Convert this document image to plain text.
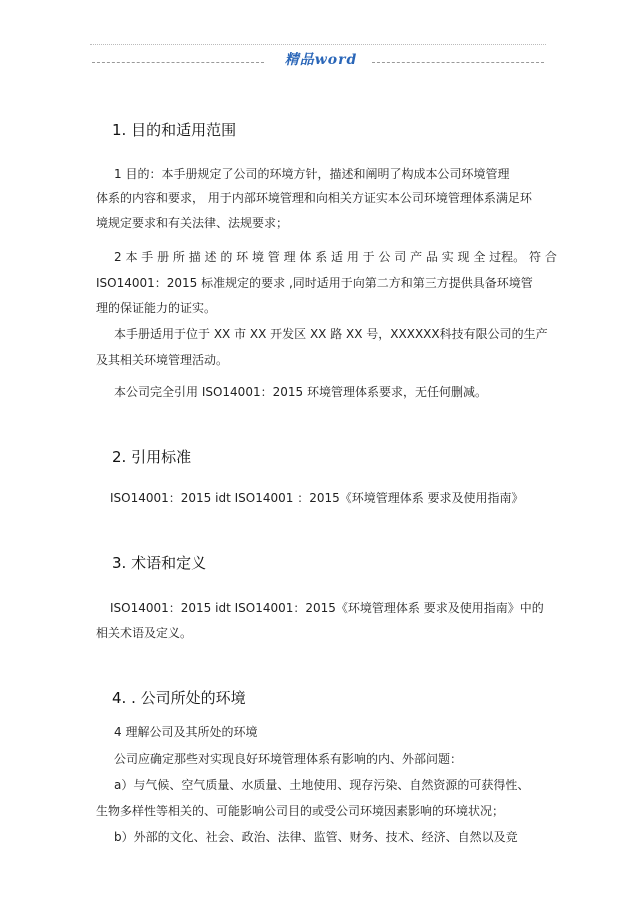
精品word
1. 目的和适用范围
1 目的：本手册规定了公司的环境方针，描述和阐明了构成本公司环境管理
体系的内容和要求， 用于内部环境管理和向相关方证实本公司环境管理体系满足环
境规定要求和有关法律、法规要求；
2 本 手 册 所 描 述 的 环 境 管 理 体 系 适 用 于 公 司 产 品 实 现 全 过程。 符 合
ISO14001：2015 标准规定的要求 ,同时适用于向第二方和第三方提供具备环境管
理的保证能力的证实。
本手册适用于位于 XX 市 XX 开发区 XX 路 XX 号，XXXXXX科技有限公司的生产
及其相关环境管理活动。
本公司完全引用 ISO14001：2015 环境管理体系要求，无任何删减。
2. 引用标准
ISO14001：2015 idt ISO14001 ：2015《环境管理体系 要求及使用指南》
3. 术语和定义
ISO14001：2015 idt ISO14001：2015《环境管理体系 要求及使用指南》中的
相关术语及定义。
4. . 公司所处的环境
4 理解公司及其所处的环境
公司应确定那些对实现良好环境管理体系有影响的内、外部问题：
a）与气候、空气质量、水质量、土地使用、现存污染、自然资源的可获得性、
生物多样性等相关的、可能影响公司目的或受公司环境因素影响的环境状况；
b）外部的文化、社会、政治、法律、监管、财务、技术、经济、自然以及竞
